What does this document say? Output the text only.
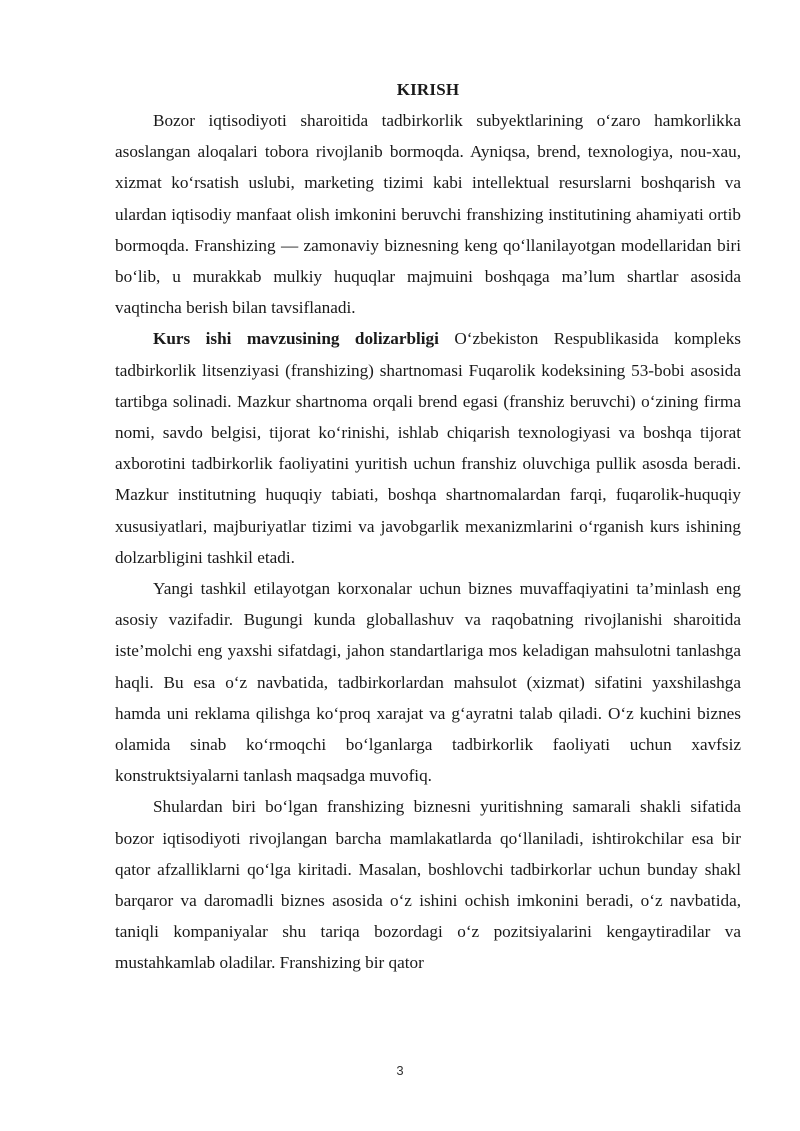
KIRISH

Bozor iqtisodiyoti sharoitida tadbirkorlik subyektlarining o‘zaro hamkorlikka asoslangan aloqalari tobora rivojlanib bormoqda. Ayniqsa, brend, texnologiya, nou-xau, xizmat ko‘rsatish uslubi, marketing tizimi kabi intellektual resurslarni boshqarish va ulardan iqtisodiy manfaat olish imkonini beruvchi franshizing institutining ahamiyati ortib bormoqda. Franshizing — zamonaviy biznesning keng qo‘llanilayotgan modellaridan biri bo‘lib, u murakkab mulkiy huquqlar majmuini boshqaga ma’lum shartlar asosida vaqtincha berish bilan tavsiflanadi.

Kurs ishi mavzusining dolizarbligi O‘zbekiston Respublikasida kompleks tadbirkorlik litsenziyasi (franshizing) shartnomasi Fuqarolik kodeksining 53-bobi asosida tartibga solinadi. Mazkur shartnoma orqali brend egasi (franshiz beruvchi) o‘zining firma nomi, savdo belgisi, tijorat ko‘rinishi, ishlab chiqarish texnologiyasi va boshqa tijorat axborotini tadbirkorlik faoliyatini yuritish uchun franshiz oluvchiga pullik asosda beradi. Mazkur institutning huquqiy tabiati, boshqa shartnomalardan farqi, fuqarolik-huquqiy xususiyatlari, majburiyatlar tizimi va javobgarlik mexanizmlarini o‘rganish kurs ishining dolzarbligini tashkil etadi.

Yangi tashkil etilayotgan korxonalar uchun biznes muvaffaqiyatini ta’minlash eng asosiy vazifadir. Bugungi kunda globallashuv va raqobatning rivojlanishi sharoitida iste’molchi eng yaxshi sifatdagi, jahon standartlariga mos keladigan mahsulotni tanlashga haqli. Bu esa o‘z navbatida, tadbirkorlardan mahsulot (xizmat) sifatini yaxshilashga hamda uni reklama qilishga ko‘proq xarajat va g‘ayratni talab qiladi. O‘z kuchini biznes olamida sinab ko‘rmoqchi bo‘lganlarga tadbirkorlik faoliyati uchun xavfsiz konstruktsiyalarni tanlash maqsadga muvofiq.

Shulardan biri bo‘lgan franshizing biznesni yuritishning samarali shakli sifatida bozor iqtisodiyoti rivojlangan barcha mamlakatlarda qo‘llaniladi, ishtirokchilar esa bir qator afzalliklarni qo‘lga kiritadi. Masalan, boshlovchi tadbirkorlar uchun bunday shakl barqaror va daromadli biznes asosida o‘z ishini ochish imkonini beradi, o‘z navbatida, taniqli kompaniyalar shu tariqa bozordagi o‘z pozitsiyalarini kengaytiradilar va mustahkamlab oladilar. Franshizing bir qator

3
